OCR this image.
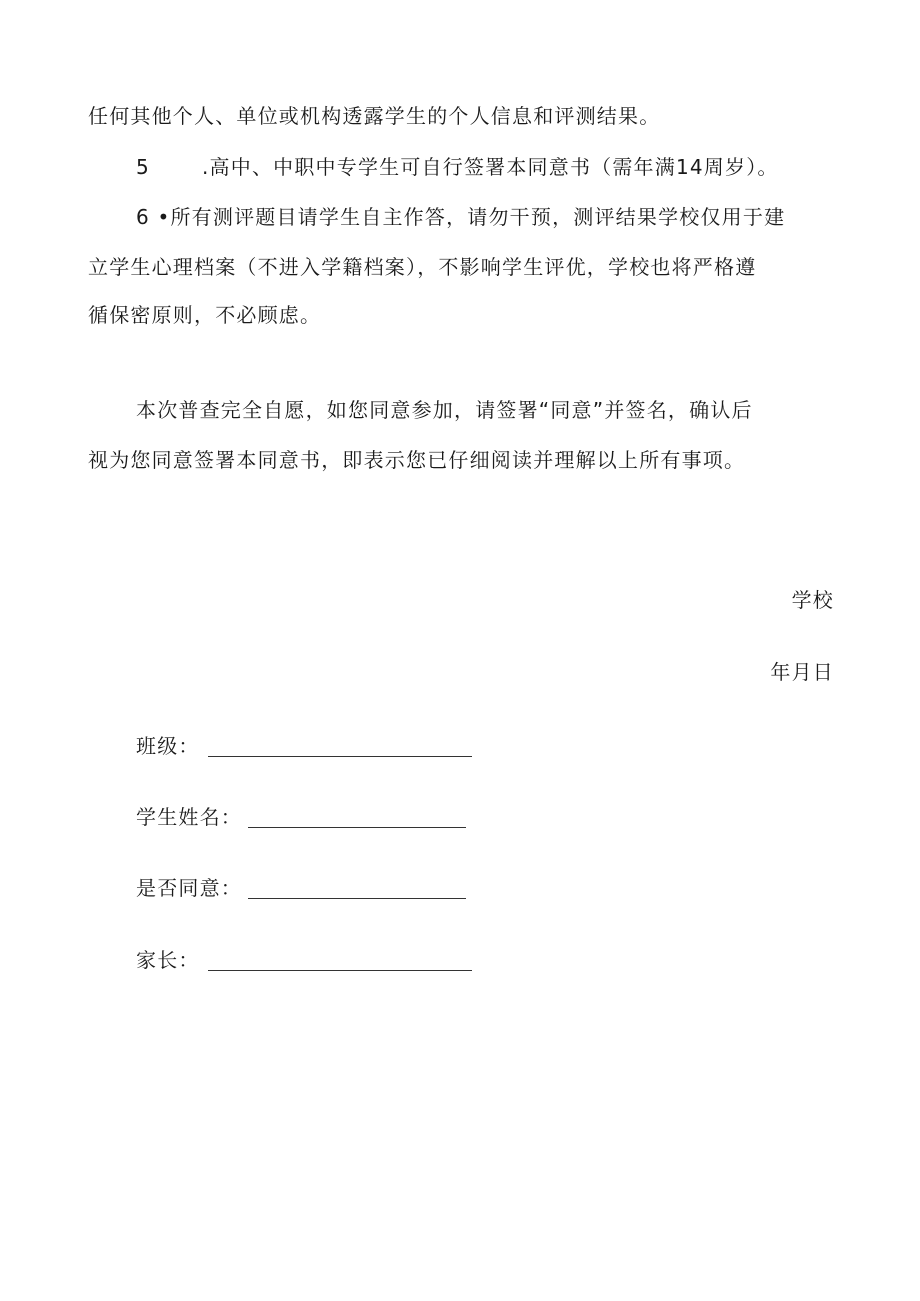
任何其他个人、单位或机构透露学生的个人信息和评测结果。
5	.高中、中职中专学生可自行签署本同意书（需年满14周岁）。
6 •所有测评题目请学生自主作答，请勿干预，测评结果学校仅用于建
立学生心理档案（不进入学籍档案），不影响学生评优，学校也将严格遵
循保密原则，不必顾虑。
本次普查完全自愿，如您同意参加，请签署“同意”并签名，确认后
视为您同意签署本同意书，即表示您已仔细阅读并理解以上所有事项。
学校
年月日
班级：
学生姓名：
是否同意：
家长：
